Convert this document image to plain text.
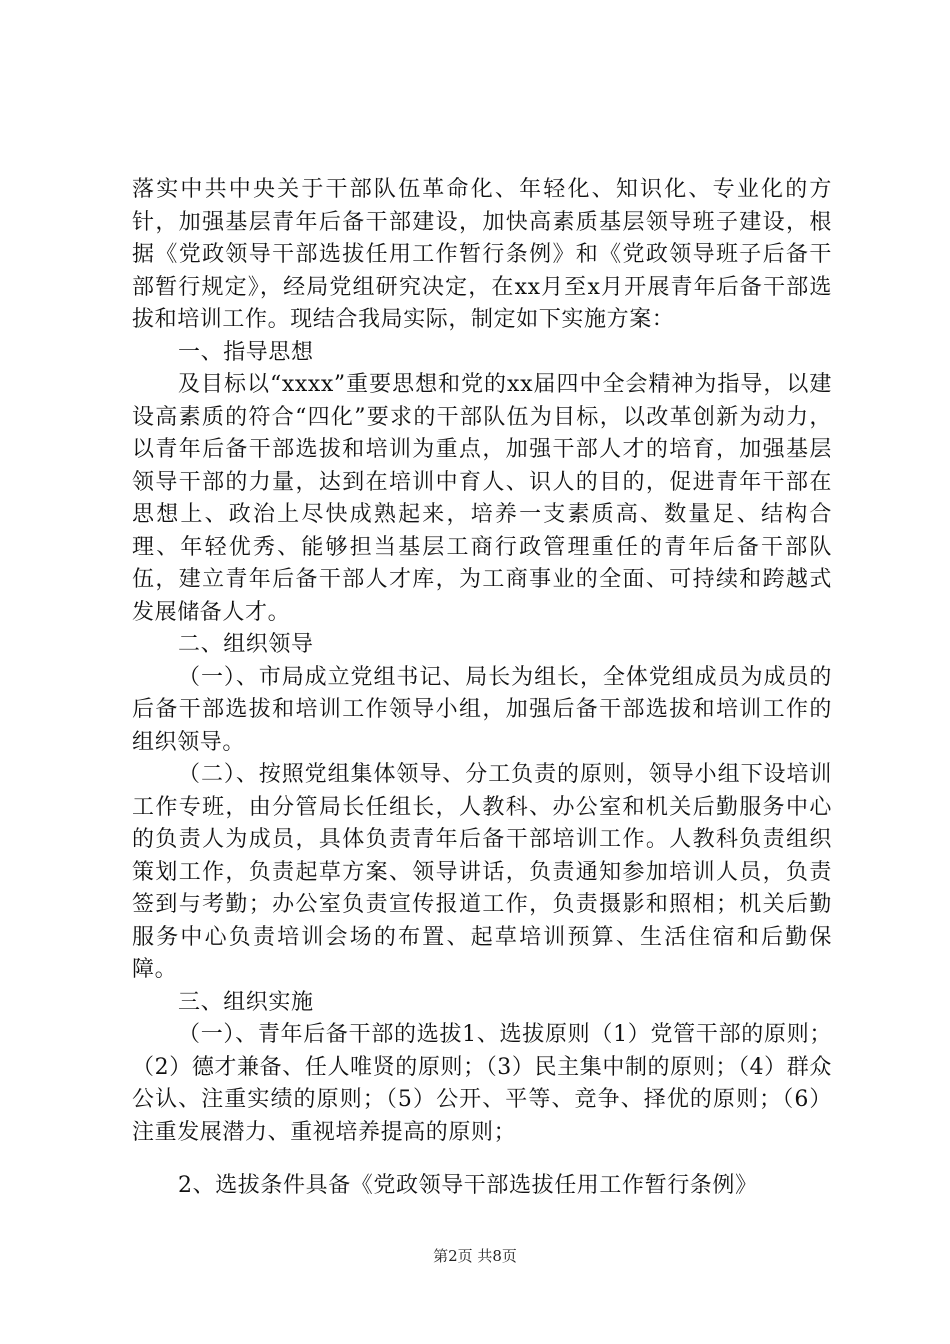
落实中共中央关于干部队伍革命化、年轻化、知识化、专业化的方针，加强基层青年后备干部建设，加快高素质基层领导班子建设，根据《党政领导干部选拔任用工作暂行条例》和《党政领导班子后备干部暂行规定》，经局党组研究决定，在xx月至x月开展青年后备干部选拔和培训工作。现结合我局实际，制定如下实施方案：

一、指导思想

及目标以“xxxx”重要思想和党的xx届四中全会精神为指导，以建设高素质的符合“四化”要求的干部队伍为目标，以改革创新为动力，以青年后备干部选拔和培训为重点，加强干部人才的培育，加强基层领导干部的力量，达到在培训中育人、识人的目的，促进青年干部在思想上、政治上尽快成熟起来，培养一支素质高、数量足、结构合理、年轻优秀、能够担当基层工商行政管理重任的青年后备干部队伍，建立青年后备干部人才库，为工商事业的全面、可持续和跨越式发展储备人才。

二、组织领导

（一）、市局成立党组书记、局长为组长，全体党组成员为成员的后备干部选拔和培训工作领导小组，加强后备干部选拔和培训工作的组织领导。

（二）、按照党组集体领导、分工负责的原则，领导小组下设培训工作专班，由分管局长任组长，人教科、办公室和机关后勤服务中心的负责人为成员，具体负责青年后备干部培训工作。人教科负责组织策划工作，负责起草方案、领导讲话，负责通知参加培训人员，负责签到与考勤；办公室负责宣传报道工作，负责摄影和照相；机关后勤服务中心负责培训会场的布置、起草培训预算、生活住宿和后勤保障。

三、组织实施

（一）、青年后备干部的选拔1、选拔原则（1）党管干部的原则；（2）德才兼备、任人唯贤的原则；（3）民主集中制的原则；（4）群众公认、注重实绩的原则；（5）公开、平等、竞争、择优的原则；（6）注重发展潜力、重视培养提高的原则；

2、选拔条件具备《党政领导干部选拔任用工作暂行条例》

第2页 共8页
